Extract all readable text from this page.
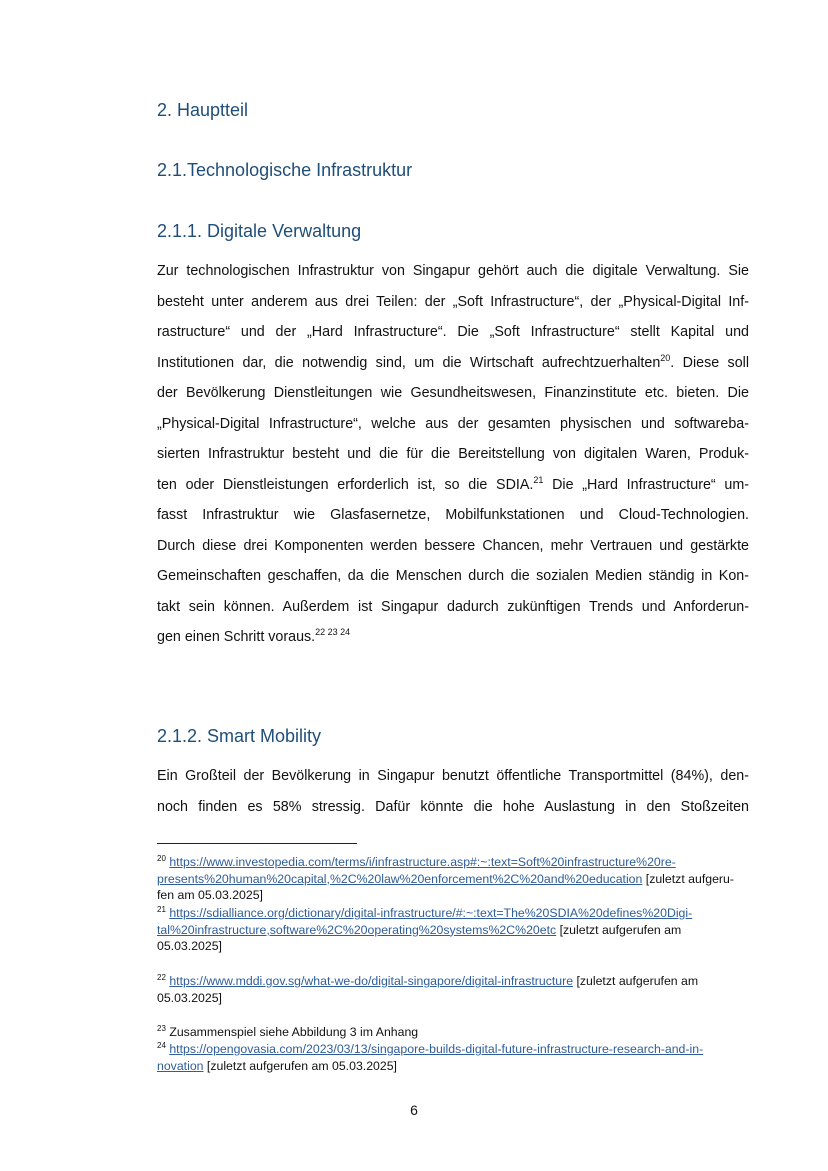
2. Hauptteil
2.1.Technologische Infrastruktur
2.1.1. Digitale Verwaltung
Zur technologischen Infrastruktur von Singapur gehört auch die digitale Verwaltung. Sie
besteht unter anderem aus drei Teilen: der „Soft Infrastructure“, der „Physical-Digital Inf-
rastructure“ und der „Hard Infrastructure“. Die „Soft Infrastructure“ stellt Kapital und
Institutionen dar, die notwendig sind, um die Wirtschaft aufrechtzuerhalten$^{20}$. Diese soll
der Bevölkerung Dienstleitungen wie Gesundheitswesen, Finanzinstitute etc. bieten. Die
„Physical-Digital Infrastructure“, welche aus der gesamten physischen und softwareba-
sierten Infrastruktur besteht und die für die Bereitstellung von digitalen Waren, Produk-
ten oder Dienstleistungen erforderlich ist, so die SDIA.$^{21}$ Die „Hard Infrastructure“ um-
fasst Infrastruktur wie Glasfasernetze, Mobilfunkstationen und Cloud-Technologien.
Durch diese drei Komponenten werden bessere Chancen, mehr Vertrauen und gestärkte
Gemeinschaften geschaffen, da die Menschen durch die sozialen Medien ständig in Kon-
takt sein können. Außerdem ist Singapur dadurch zukünftigen Trends und Anforderun-
gen einen Schritt voraus.$^{22 23 24}$
2.1.2. Smart Mobility
Ein Großteil der Bevölkerung in Singapur benutzt öffentliche Transportmittel (84%), den-
noch finden es 58% stressig. Dafür könnte die hohe Auslastung in den Stoßzeiten
$^{20}$ https://www.investopedia.com/terms/i/infrastructure.asp#:~:text=Soft%20infrastructure%20re-
presents%20human%20capital,%2C%20law%20enforcement%2C%20and%20education [zuletzt aufgeru-
fen am 05.03.2025]
$^{21}$ https://sdialliance.org/dictionary/digital-infrastructure/#:~:text=The%20SDIA%20defines%20Digi-
tal%20infrastructure,software%2C%20operating%20systems%2C%20etc [zuletzt aufgerufen am
05.03.2025]
$^{22}$ https://www.mddi.gov.sg/what-we-do/digital-singapore/digital-infrastructure [zuletzt aufgerufen am
05.03.2025]
$^{23}$ Zusammenspiel siehe Abbildung 3 im Anhang
$^{24}$ https://opengovasia.com/2023/03/13/singapore-builds-digital-future-infrastructure-research-and-in-
novation [zuletzt aufgerufen am 05.03.2025]
6
